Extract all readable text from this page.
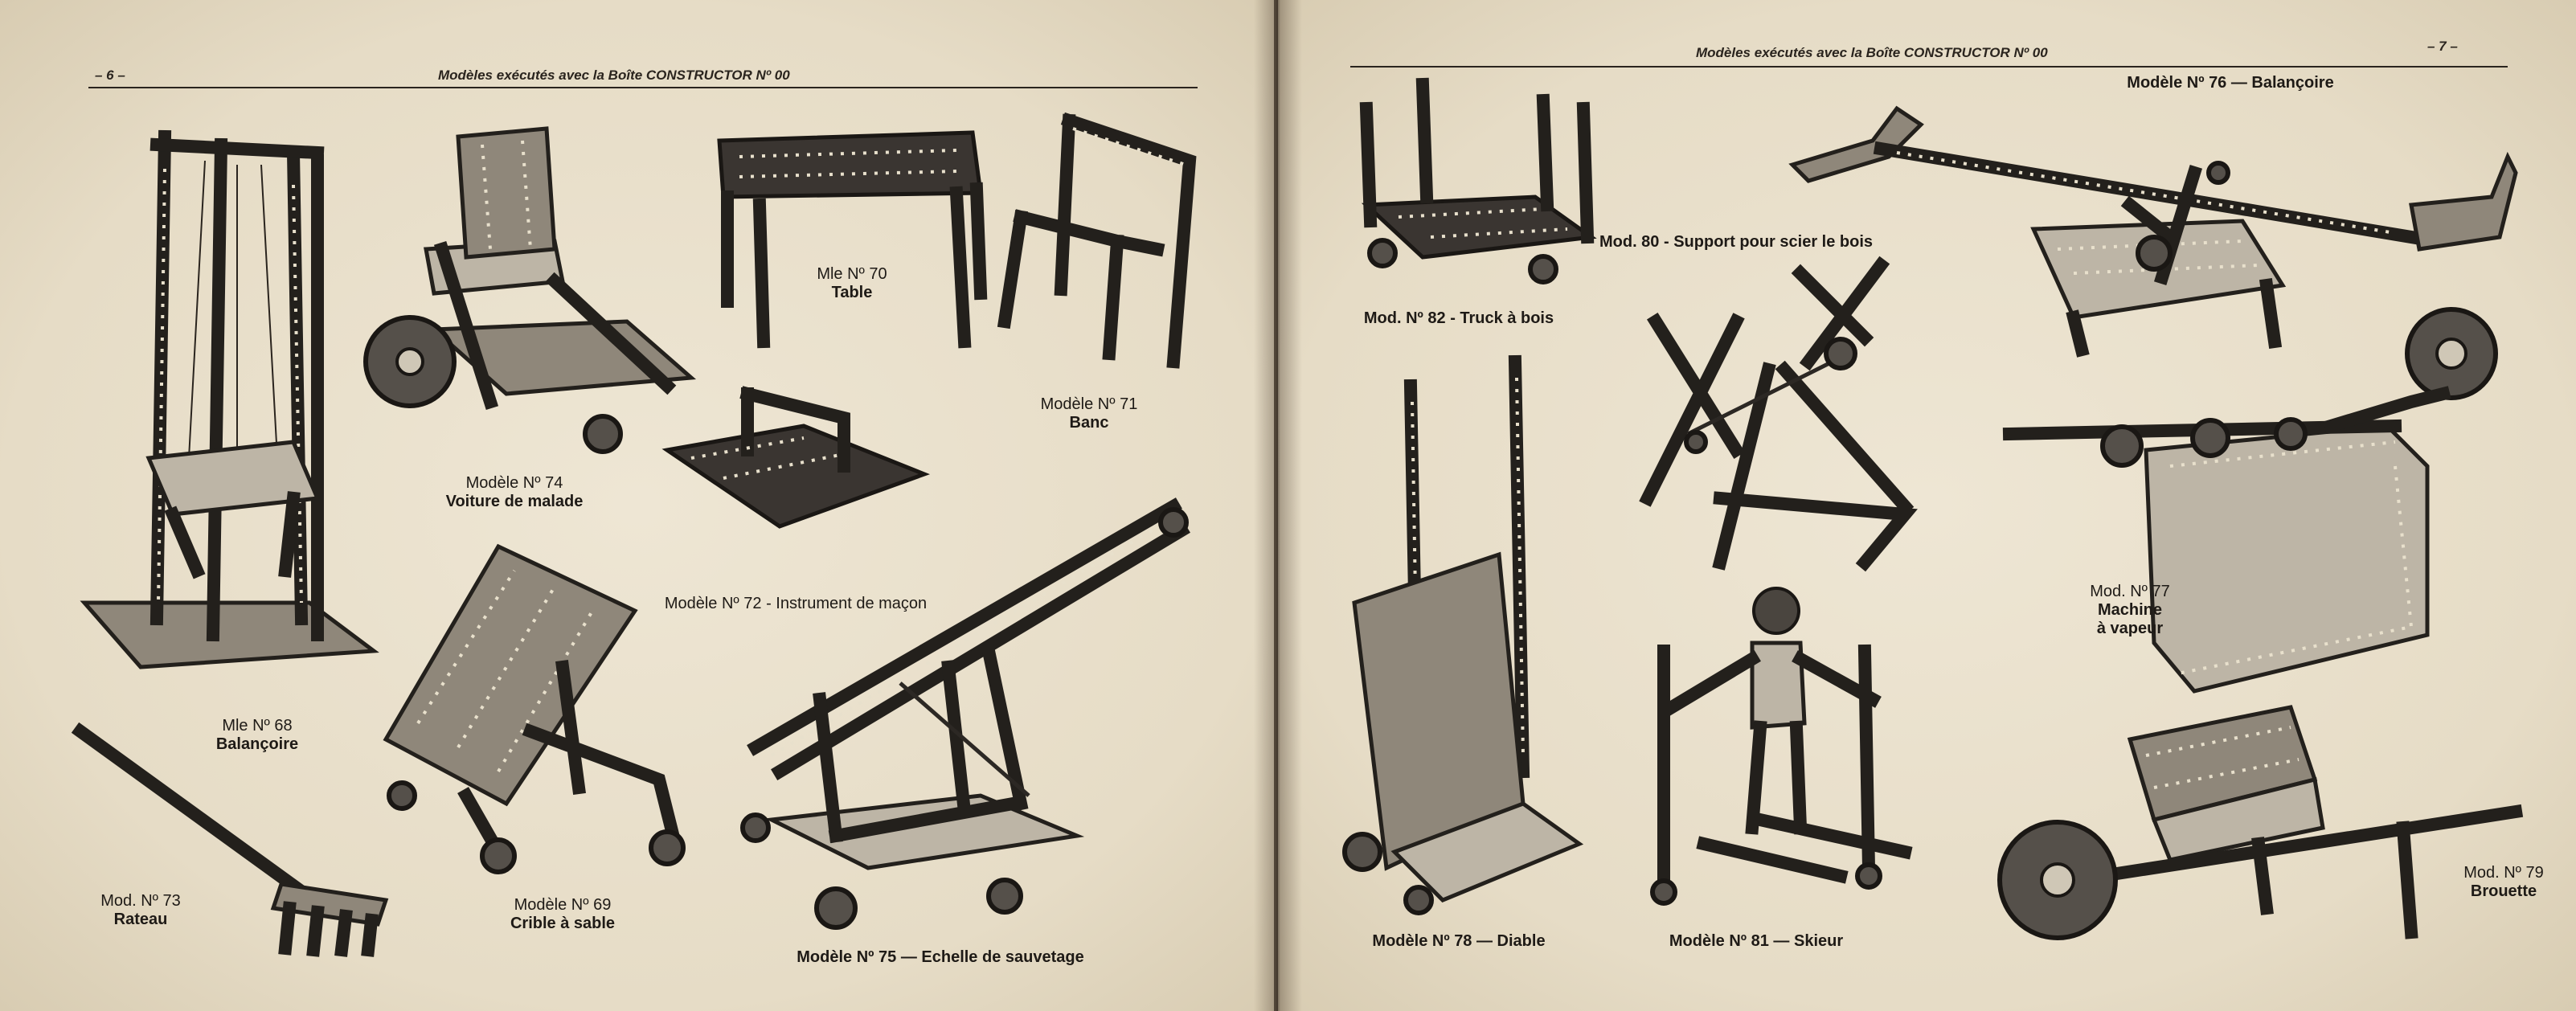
– 6 –	Modèles exécutés avec la Boîte CONSTRUCTOR Nº 00
Mle Nº 68
Balançoire
Mod. Nº 73
Rateau
Modèle Nº 74
Voiture de malade
Modèle Nº 69
Crible à sable
Mle Nº 70
Table
Modèle Nº 71
Banc
Modèle Nº 72 - Instrument de maçon
Modèle Nº 75 — Echelle de sauvetage
Modèles exécutés avec la Boîte CONSTRUCTOR Nº 00	– 7 –
Mod. Nº 82 - Truck à bois
Mod. 80 - Support pour scier le bois
Modèle Nº 76 — Balançoire
Modèle Nº 78 — Diable	Modèle Nº 81 — Skieur
Mod. Nº 77
Machine
à vapeur
Mod. Nº 79
Brouette
